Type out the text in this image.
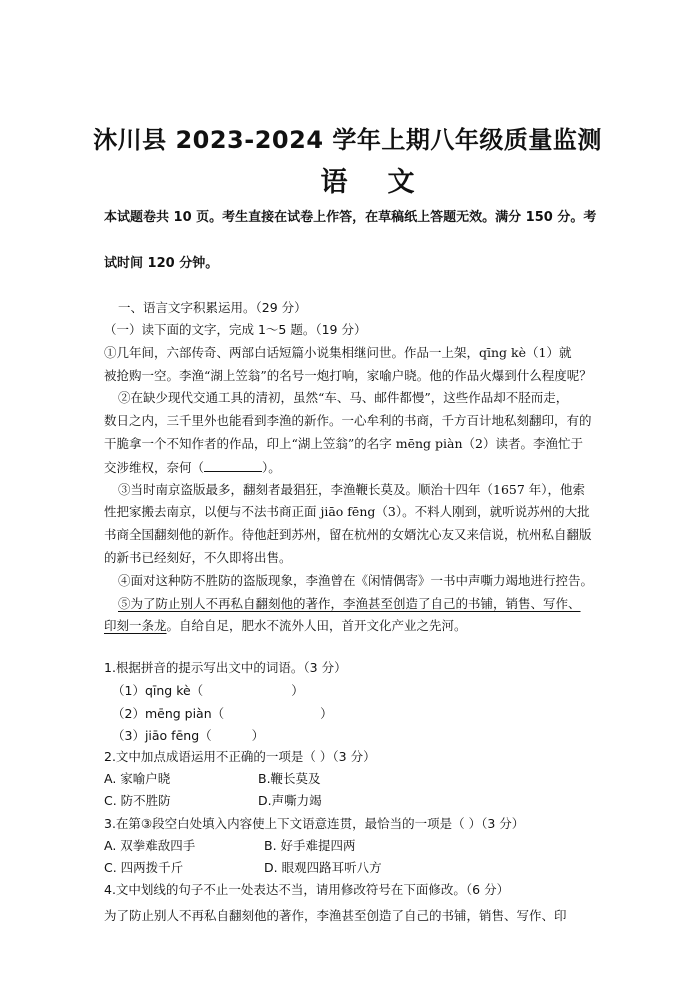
沐川县 2023-2024 学年上期八年级质量监测
语文
本试题卷共 10 页。考生直接在试卷上作答，在草稿纸上答题无效。满分 150 分。考
试时间 120 分钟。
一、语言文字积累运用。（29 分）
（一）读下面的文字，完成 1～5 题。（19 分）
①几年间，六部传奇、两部白话短篇小说集相继问世。作品一上架，qīng kè（1）就
被抢购一空。李渔“湖上笠翁”的名号一炮打响，家喻户晓。他的作品火爆到什么程度呢？
②在缺少现代交通工具的清初，虽然“车、马、邮件都慢”，这些作品却不胫而走，
数日之内，三千里外也能看到李渔的新作。一心牟利的书商，千方百计地私刻翻印，有的
干脆拿一个不知作者的作品，印上“湖上笠翁”的名字 mēng piàn（2）读者。李渔忙于
交涉维权，奈何（	）。
③当时南京盗版最多，翻刻者最猖狂，李渔鞭长莫及。顺治十四年（1657 年），他索
性把家搬去南京，以便与不法书商正面 jiāo fēng（3）。不料人刚到，就听说苏州的大批
书商全国翻刻他的新作。待他赶到苏州，留在杭州的女婿沈心友又来信说，杭州私自翻版
的新书已经刻好，不久即将出售。
④面对这种防不胜防的盗版现象，李渔曾在《闲情偶寄》一书中声嘶力竭地进行控告。
⑤为了防止别人不再私自翻刻他的著作，李渔甚至创造了自己的书铺，销售、写作、
印刻一条龙。自给自足，肥水不流外人田，首开文化产业之先河。
1.根据拼音的提示写出文中的词语。（3 分）
（1）qīng kè（	）
（2）mēng piàn（	）
（3）jiāo fēng（	）
2.文中加点成语运用不正确的一项是（ ）（3 分）
A. 家喻户晓	B.鞭长莫及
C. 防不胜防	D.声嘶力竭
3.在第③段空白处填入内容使上下文语意连贯，最恰当的一项是（ ）（3 分）
A. 双拳难敌四手	B. 好手难提四两
C. 四两拨千斤	D. 眼观四路耳听八方
4.文中划线的句子不止一处表达不当，请用修改符号在下面修改。（6 分）
为了防止别人不再私自翻刻他的著作，李渔甚至创造了自己的书铺，销售、写作、印
